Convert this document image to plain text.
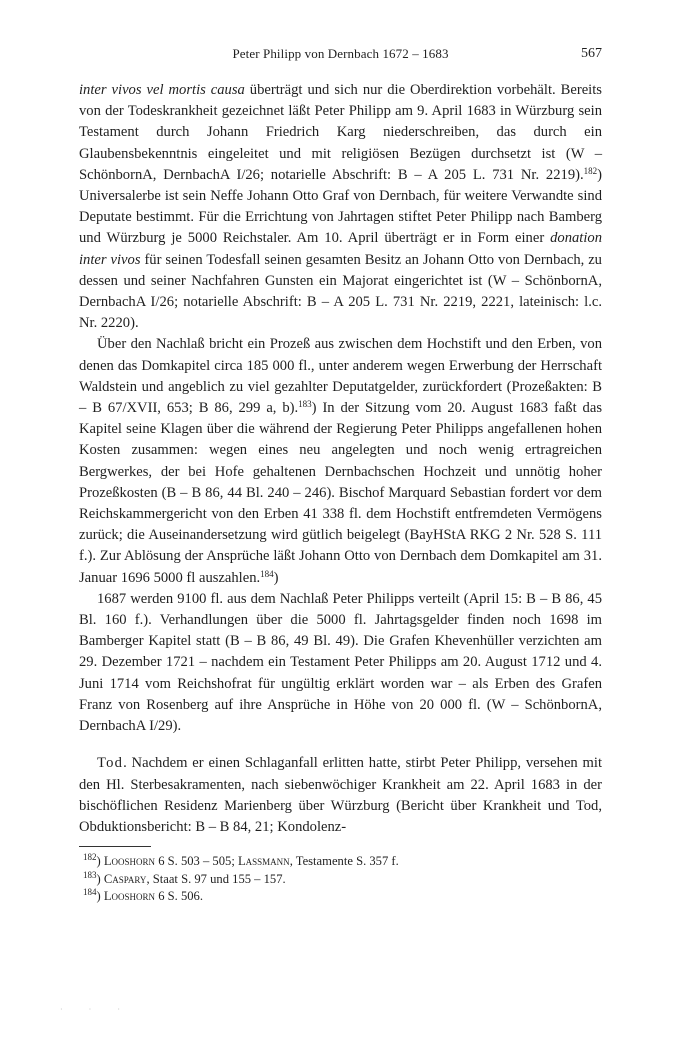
Peter Philipp von Dernbach 1672 – 1683	567

inter vivos vel mortis causa überträgt und sich nur die Oberdirektion vorbehält. Bereits von der Todeskrankheit gezeichnet läßt Peter Philipp am 9. April 1683 in Würzburg sein Testament durch Johann Friedrich Karg niederschreiben, das durch ein Glaubensbekenntnis eingeleitet und mit religiösen Bezügen durchsetzt ist (W – SchönbornA, DernbachA I/26; notarielle Abschrift: B – A 205 L. 731 Nr. 2219).$^{182}$) Universalerbe ist sein Neffe Johann Otto Graf von Dernbach, für weitere Verwandte sind Deputate bestimmt. Für die Errichtung von Jahrtagen stiftet Peter Philipp nach Bamberg und Würzburg je 5000 Reichstaler. Am 10. April überträgt er in Form einer donation inter vivos für seinen Todesfall seinen gesamten Besitz an Johann Otto von Dernbach, zu dessen und seiner Nachfahren Gunsten ein Majorat eingerichtet ist (W – SchönbornA, DernbachA I/26; notarielle Abschrift: B – A 205 L. 731 Nr. 2219, 2221, lateinisch: l.c. Nr. 2220).

Über den Nachlaß bricht ein Prozeß aus zwischen dem Hochstift und den Erben, von denen das Domkapitel circa 185 000 fl., unter anderem wegen Erwerbung der Herrschaft Waldstein und angeblich zu viel gezahlter Deputatgelder, zurückfordert (Prozeßakten: B – B 67/XVII, 653; B 86, 299 a, b).$^{183}$) In der Sitzung vom 20. August 1683 faßt das Kapitel seine Klagen über die während der Regierung Peter Philipps angefallenen hohen Kosten zusammen: wegen eines neu angelegten und noch wenig ertragreichen Bergwerkes, der bei Hofe gehaltenen Dernbachschen Hochzeit und unnötig hoher Prozeßkosten (B – B 86, 44 Bl. 240 – 246). Bischof Marquard Sebastian fordert vor dem Reichskammergericht von den Erben 41 338 fl. dem Hochstift entfremdeten Vermögens zurück; die Auseinandersetzung wird gütlich beigelegt (BayHStA RKG 2 Nr. 528 S. 111 f.). Zur Ablösung der Ansprüche läßt Johann Otto von Dernbach dem Domkapitel am 31. Januar 1696 5000 fl auszahlen.$^{184}$)

1687 werden 9100 fl. aus dem Nachlaß Peter Philipps verteilt (April 15: B – B 86, 45 Bl. 160 f.). Verhandlungen über die 5000 fl. Jahrtagsgelder finden noch 1698 im Bamberger Kapitel statt (B – B 86, 49 Bl. 49). Die Grafen Khevenhüller verzichten am 29. Dezember 1721 – nachdem ein Testament Peter Philipps am 20. August 1712 und 4. Juni 1714 vom Reichshofrat für ungültig erklärt worden war – als Erben des Grafen Franz von Rosenberg auf ihre Ansprüche in Höhe von 20 000 fl. (W – SchönbornA, DernbachA I/29).

Tod. Nachdem er einen Schlaganfall erlitten hatte, stirbt Peter Philipp, versehen mit den Hl. Sterbesakramenten, nach siebenwöchiger Krankheit am 22. April 1683 in der bischöflichen Residenz Marienberg über Würzburg (Bericht über Krankheit und Tod, Obduktionsbericht: B – B 84, 21; Kondolenz-

$^{182}$) Looshorn 6 S. 503 – 505; Lassmann, Testamente S. 357 f.

$^{183}$) Caspary, Staat S. 97 und 155 – 157.

$^{184}$) Looshorn 6 S. 506.

· · ·
